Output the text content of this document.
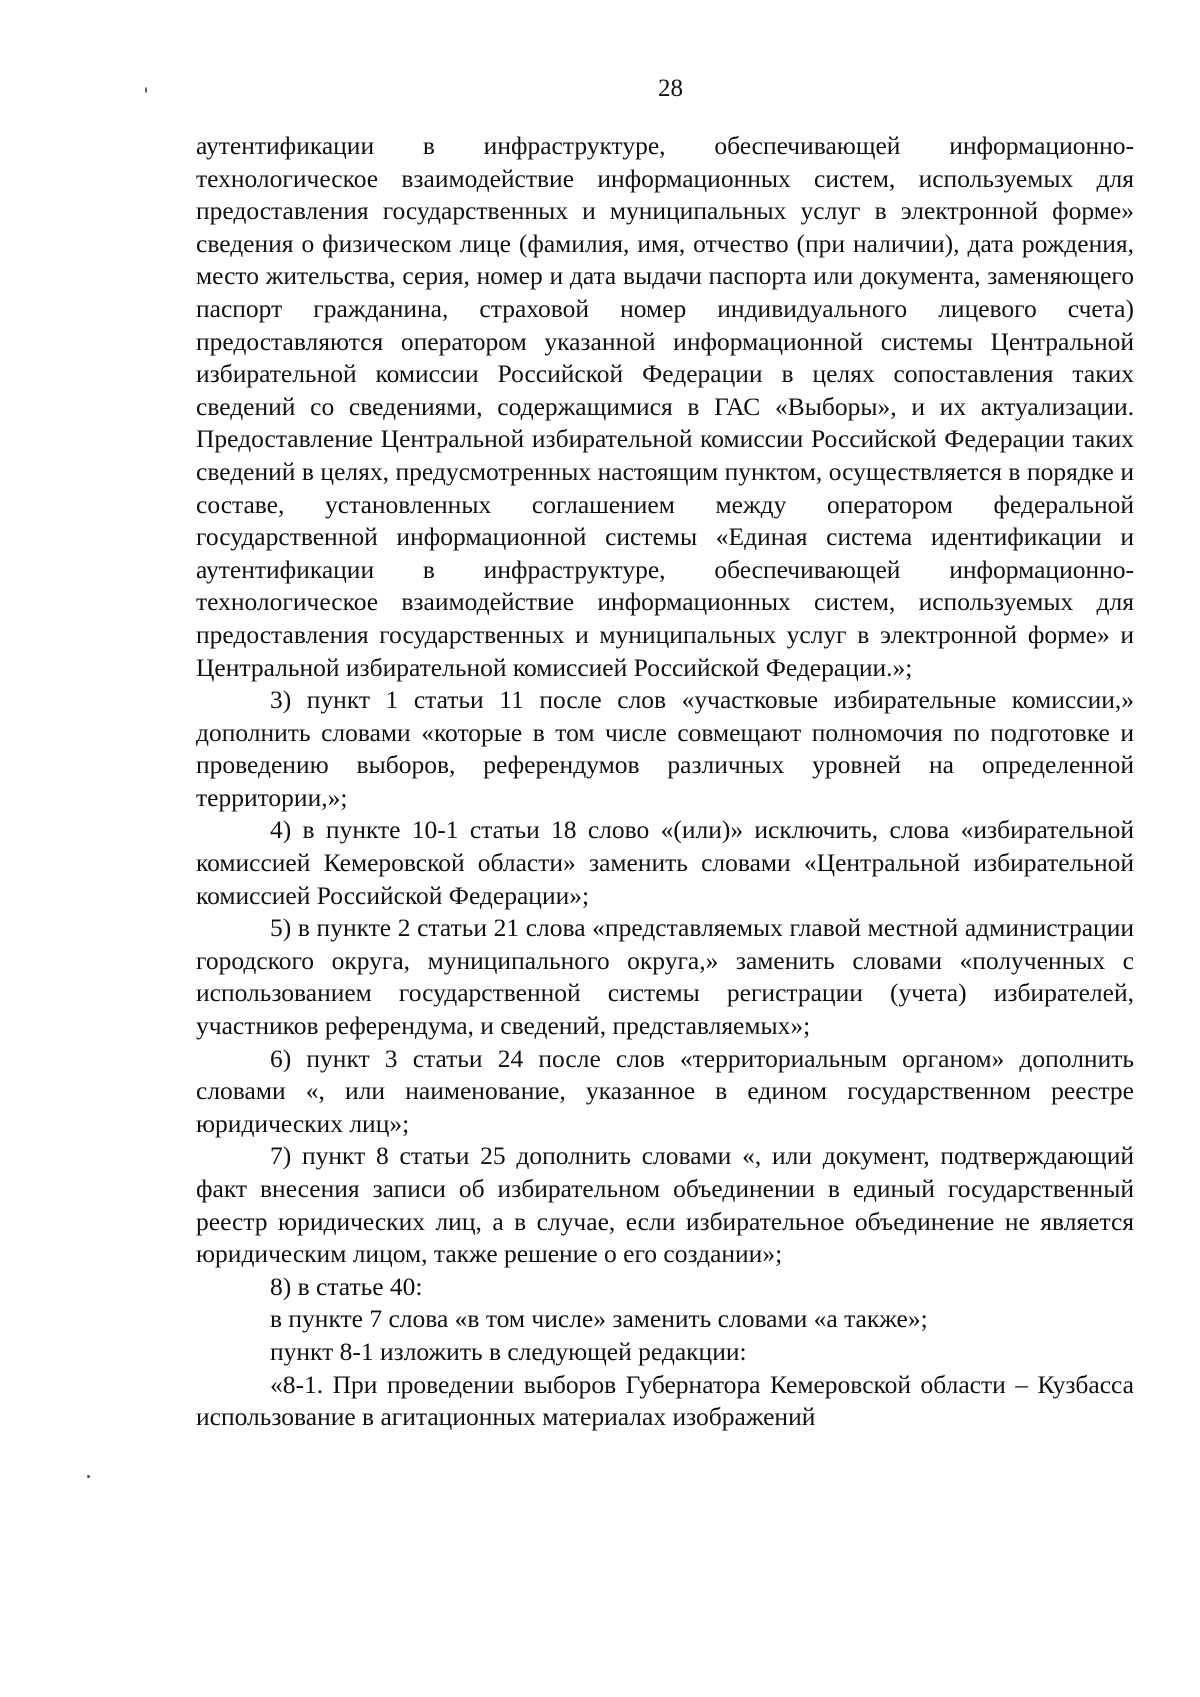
28

аутентификации в инфраструктуре, обеспечивающей информационно-технологическое взаимодействие информационных систем, используемых для предоставления государственных и муниципальных услуг в электронной форме» сведения о физическом лице (фамилия, имя, отчество (при наличии), дата рождения, место жительства, серия, номер и дата выдачи паспорта или документа, заменяющего паспорт гражданина, страховой номер индивидуального лицевого счета) предоставляются оператором указанной информационной системы Центральной избирательной комиссии Российской Федерации в целях сопоставления таких сведений со сведениями, содержащимися в ГАС «Выборы», и их актуализации. Предоставление Центральной избирательной комиссии Российской Федерации таких сведений в целях, предусмотренных настоящим пунктом, осуществляется в порядке и составе, установленных соглашением между оператором федеральной государственной информационной системы «Единая система идентификации и аутентификации в инфраструктуре, обеспечивающей информационно-технологическое взаимодействие информационных систем, используемых для предоставления государственных и муниципальных услуг в электронной форме» и Центральной избирательной комиссией Российской Федерации.»;

3) пункт 1 статьи 11 после слов «участковые избирательные комиссии,» дополнить словами «которые в том числе совмещают полномочия по подготовке и проведению выборов, референдумов различных уровней на определенной территории,»;

4) в пункте 10-1 статьи 18 слово «(или)» исключить, слова «избирательной комиссией Кемеровской области» заменить словами «Центральной избирательной комиссией Российской Федерации»;

5) в пункте 2 статьи 21 слова «представляемых главой местной администрации городского округа, муниципального округа,» заменить словами «полученных с использованием государственной системы регистрации (учета) избирателей, участников референдума, и сведений, представляемых»;

6) пункт 3 статьи 24 после слов «территориальным органом» дополнить словами «, или наименование, указанное в едином государственном реестре юридических лиц»;

7) пункт 8 статьи 25 дополнить словами «, или документ, подтверждающий факт внесения записи об избирательном объединении в единый государственный реестр юридических лиц, а в случае, если избирательное объединение не является юридическим лицом, также решение о его создании»;

8) в статье 40:

в пункте 7 слова «в том числе» заменить словами «а также»;

пункт 8-1 изложить в следующей редакции:

«8-1. При проведении выборов Губернатора Кемеровской области – Кузбасса использование в агитационных материалах изображений
